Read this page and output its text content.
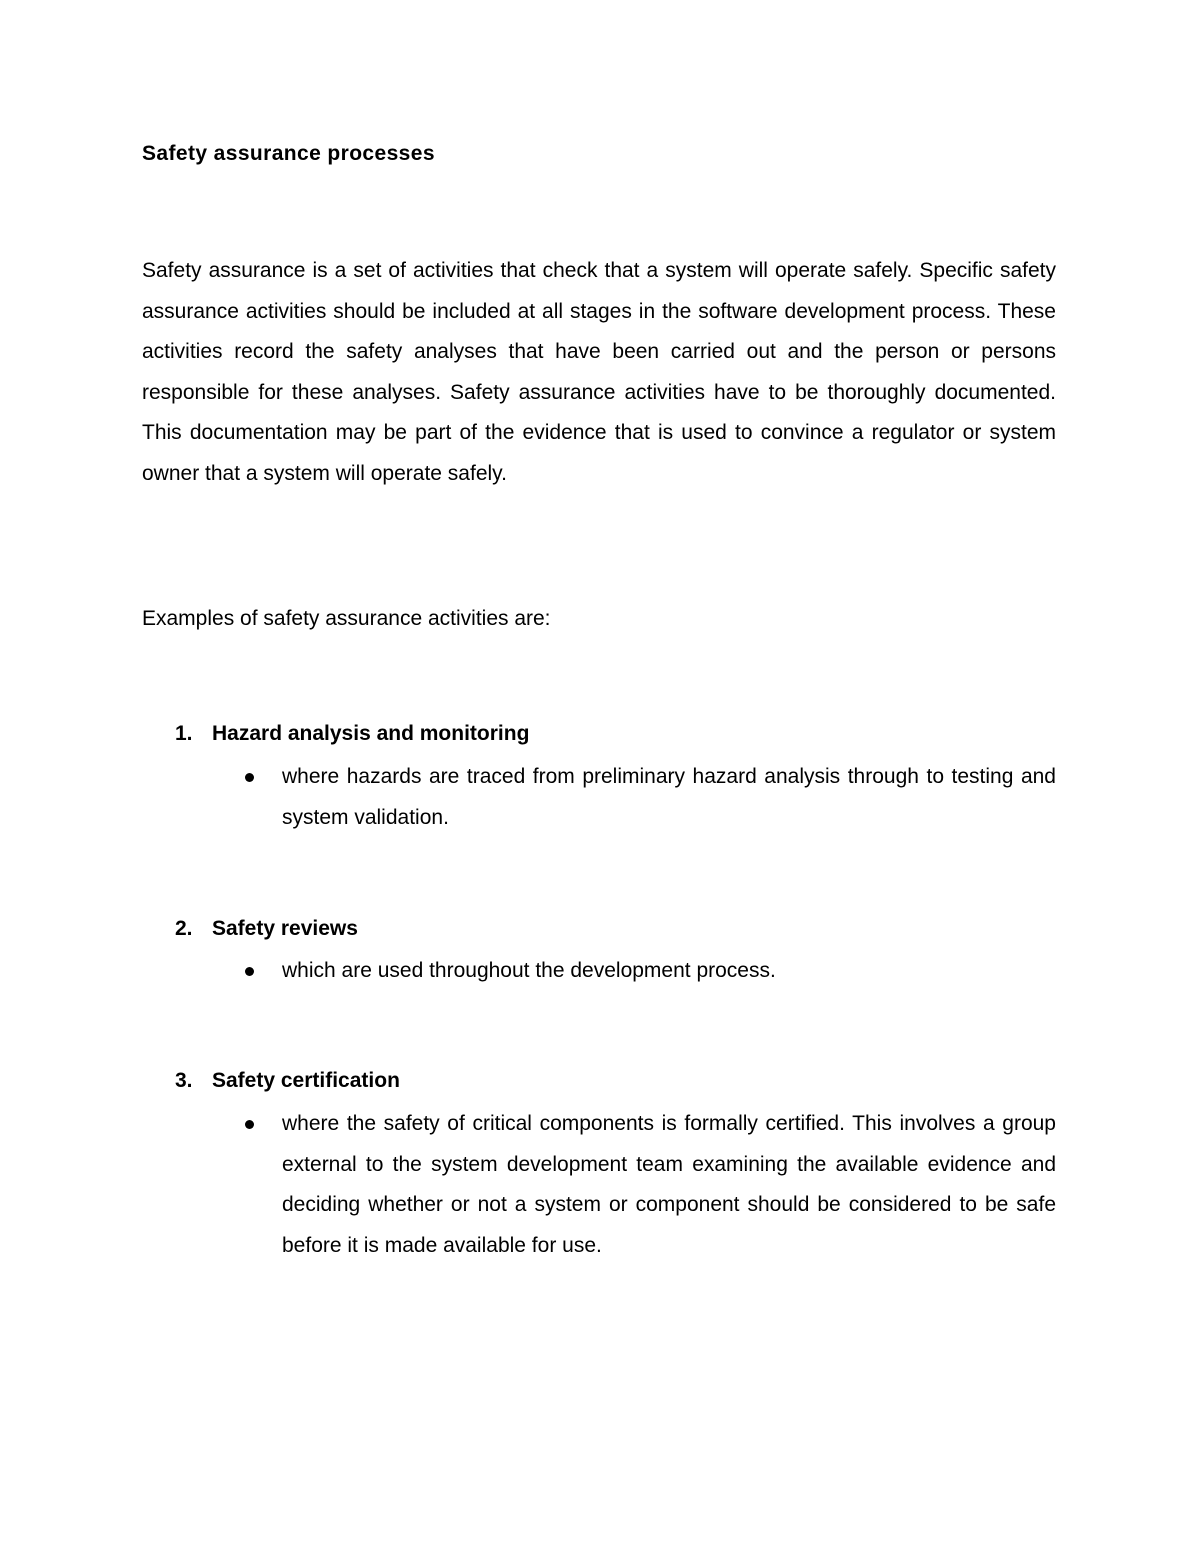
Safety assurance processes

Safety assurance is a set of activities that check that a system will operate safely. Specific safety assurance activities should be included at all stages in the software development process. These activities record the safety analyses that have been carried out and the person or persons responsible for these analyses. Safety assurance activities have to be thoroughly documented. This documentation may be part of the evidence that is used to convince a regulator or system owner that a system will operate safely.

Examples of safety assurance activities are:

1. Hazard analysis and monitoring

where hazards are traced from preliminary hazard analysis through to testing and system validation.

2. Safety reviews

which are used throughout the development process.

3. Safety certification

where the safety of critical components is formally certified. This involves a group external to the system development team examining the available evidence and deciding whether or not a system or component should be considered to be safe before it is made available for use.
